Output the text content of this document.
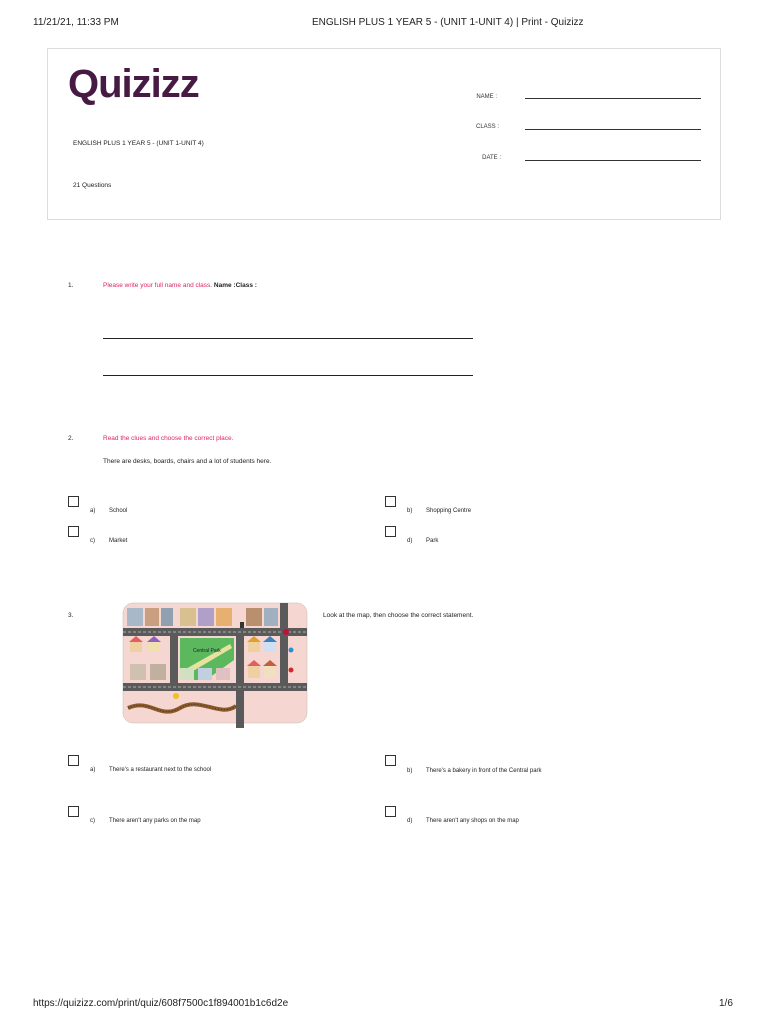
11/21/21, 11:33 PM	ENGLISH PLUS 1 YEAR 5 - (UNIT 1-UNIT 4) | Print - Quizizz
Quizizz
ENGLISH PLUS 1 YEAR 5 - (UNIT 1-UNIT 4)
21 Questions
NAME :
CLASS :
DATE :
1.	Please write your full name and class. Name :Class :
2.	Read the clues and choose the correct place.
There are desks, boards, chairs and a lot of students here.
a) School	b) Shopping Centre
c) Market	d) Park
3.	Look at the map, then choose the correct statement.
Central Park
a) There's a restaurant next to the school	b) There's a bakery in front of the Central park
c) There aren't any parks on the map	d) There aren't any shops on the map
https://quizizz.com/print/quiz/608f7500c1f894001b1c6d2e	1/6
